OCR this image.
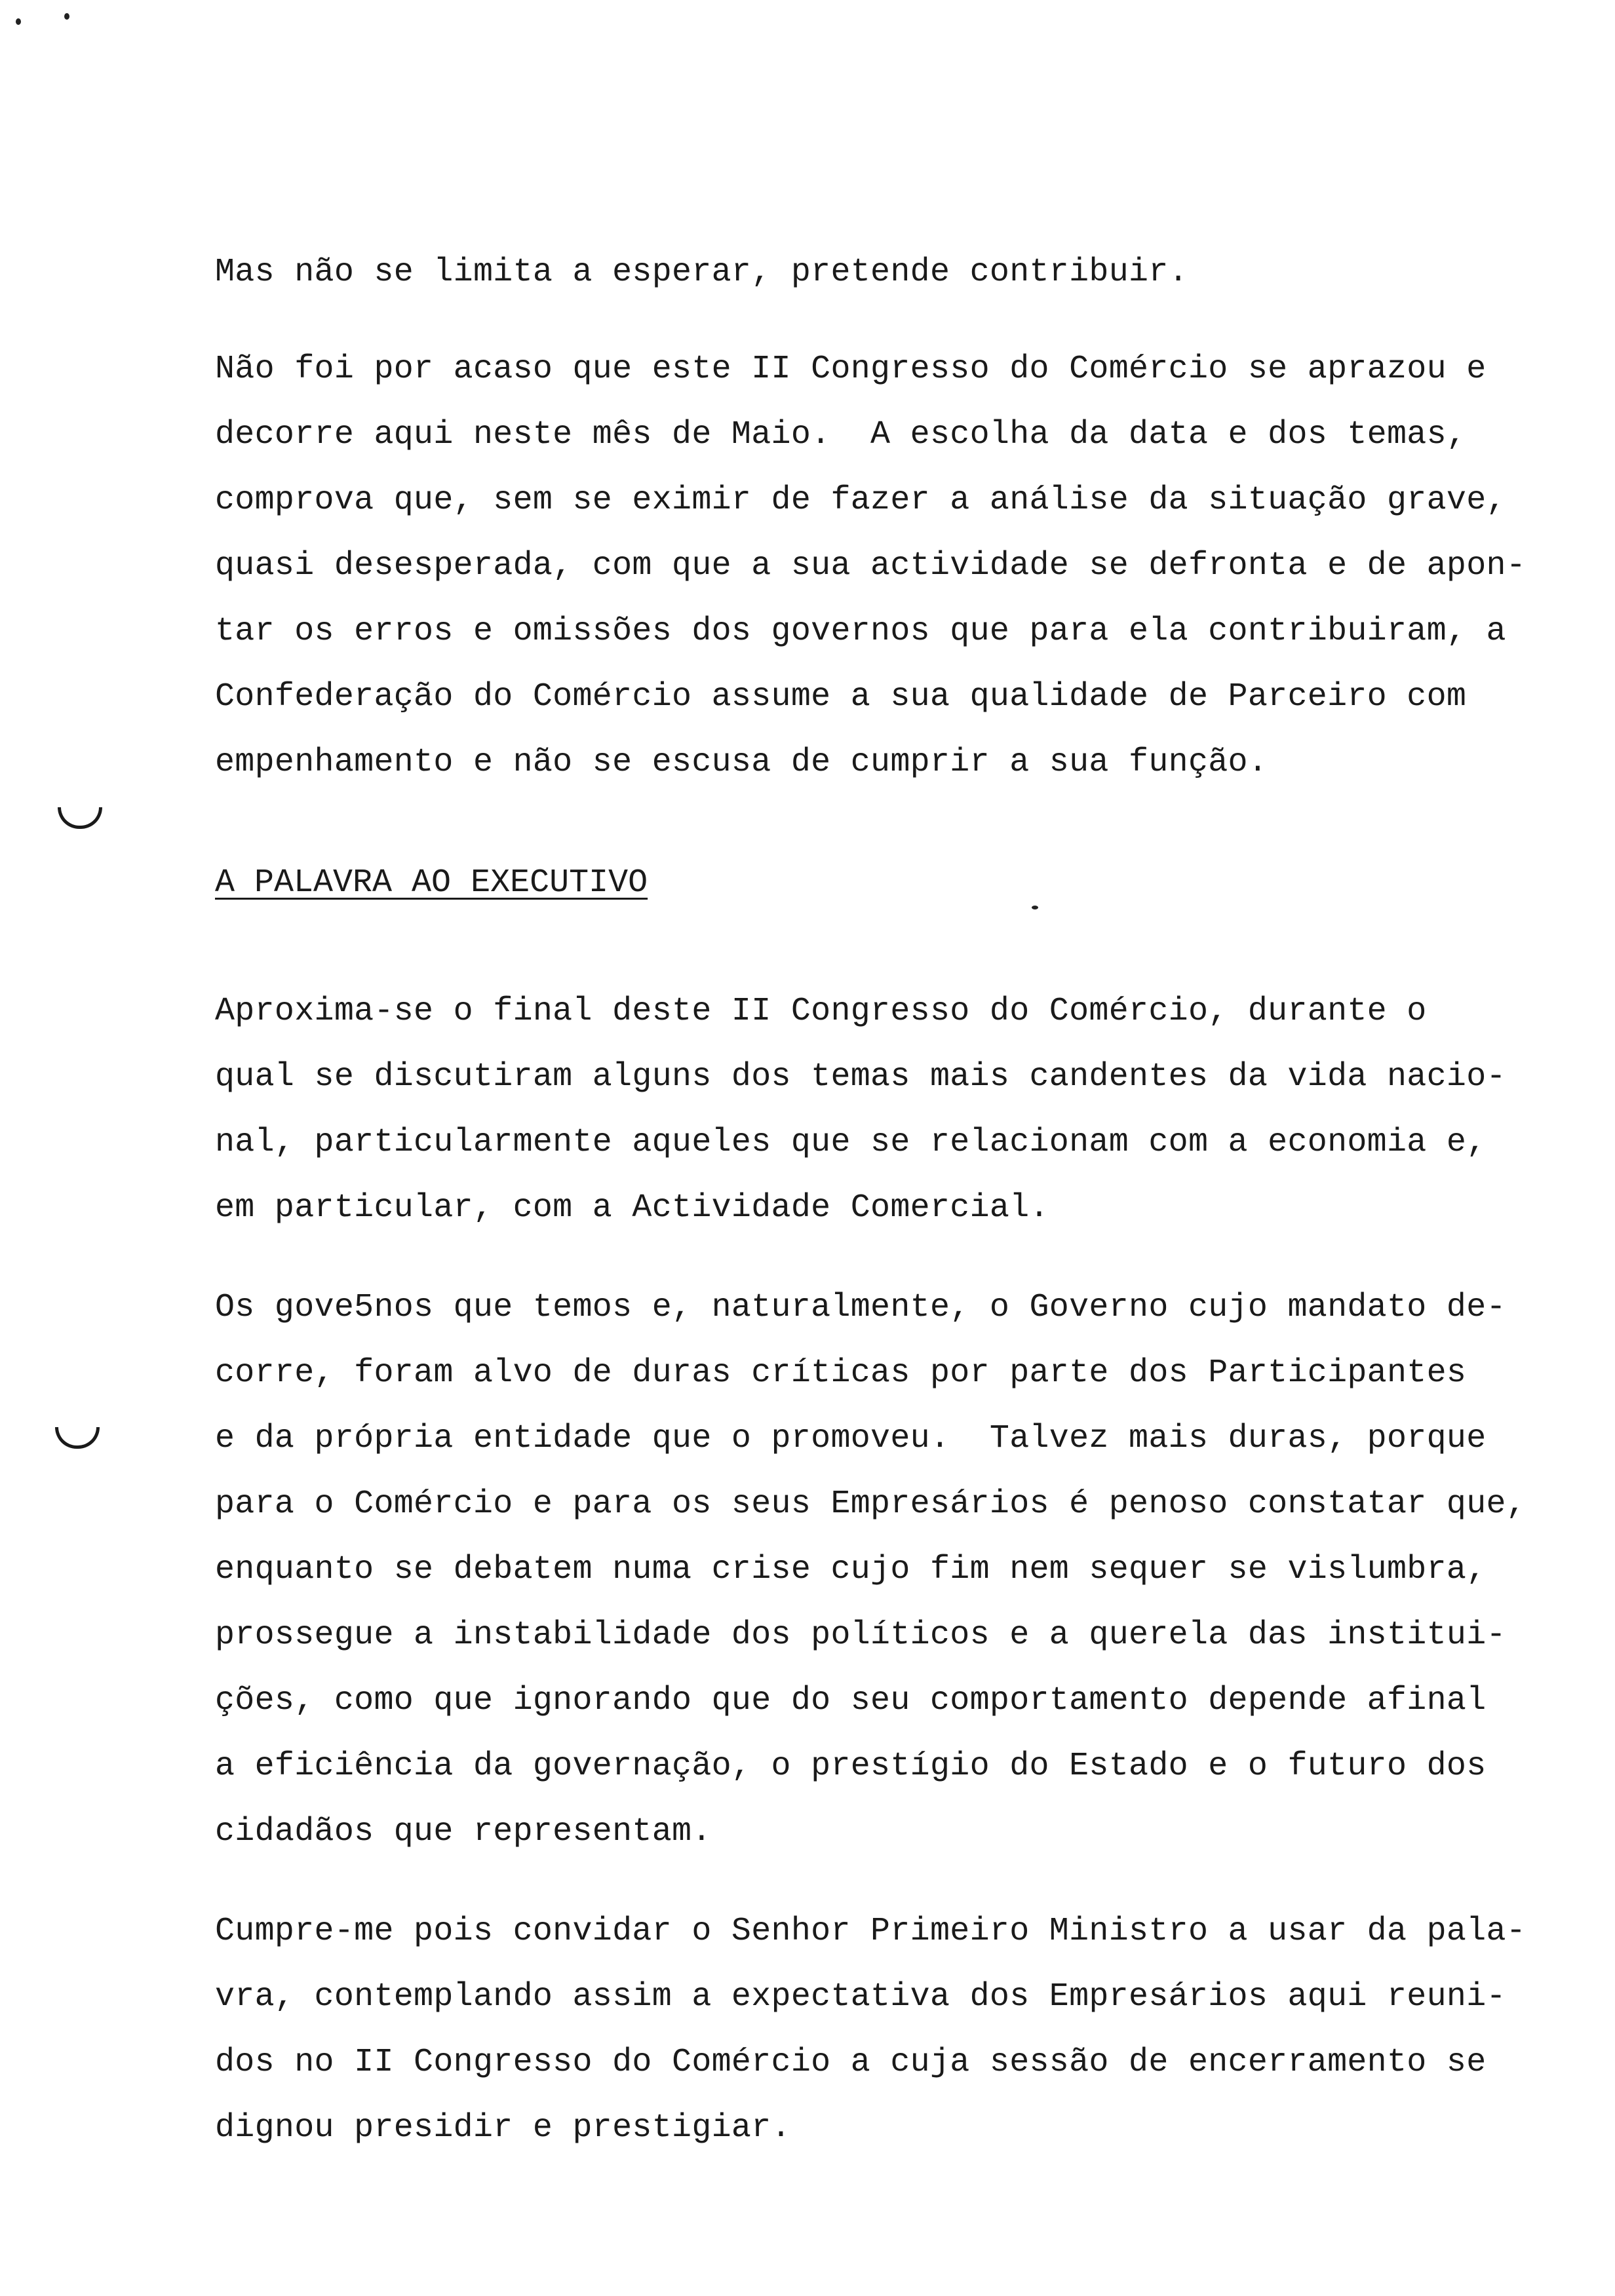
Mas não se limita a esperar, pretende contribuir.

Não foi por acaso que este II Congresso do Comércio se aprazou e

decorre aqui neste mês de Maio.  A escolha da data e dos temas,

comprova que, sem se eximir de fazer a análise da situação grave,

quasi desesperada, com que a sua actividade se defronta e de apon-

tar os erros e omissões dos governos que para ela contribuiram, a

Confederação do Comércio assume a sua qualidade de Parceiro com

empenhamento e não se escusa de cumprir a sua função.

A PALAVRA AO EXECUTIVO

Aproxima-se o final deste II Congresso do Comércio, durante o

qual se discutiram alguns dos temas mais candentes da vida nacio-

nal, particularmente aqueles que se relacionam com a economia e,

em particular, com a Actividade Comercial.

Os gove5nos que temos e, naturalmente, o Governo cujo mandato de-

corre, foram alvo de duras críticas por parte dos Participantes

e da própria entidade que o promoveu.  Talvez mais duras, porque

para o Comércio e para os seus Empresários é penoso constatar que,

enquanto se debatem numa crise cujo fim nem sequer se vislumbra,

prossegue a instabilidade dos políticos e a querela das institui-

ções, como que ignorando que do seu comportamento depende afinal

a eficiência da governação, o prestígio do Estado e o futuro dos

cidadãos que representam.

Cumpre-me pois convidar o Senhor Primeiro Ministro a usar da pala-

vra, contemplando assim a expectativa dos Empresários aqui reuni-

dos no II Congresso do Comércio a cuja sessão de encerramento se

dignou presidir e prestigiar.
